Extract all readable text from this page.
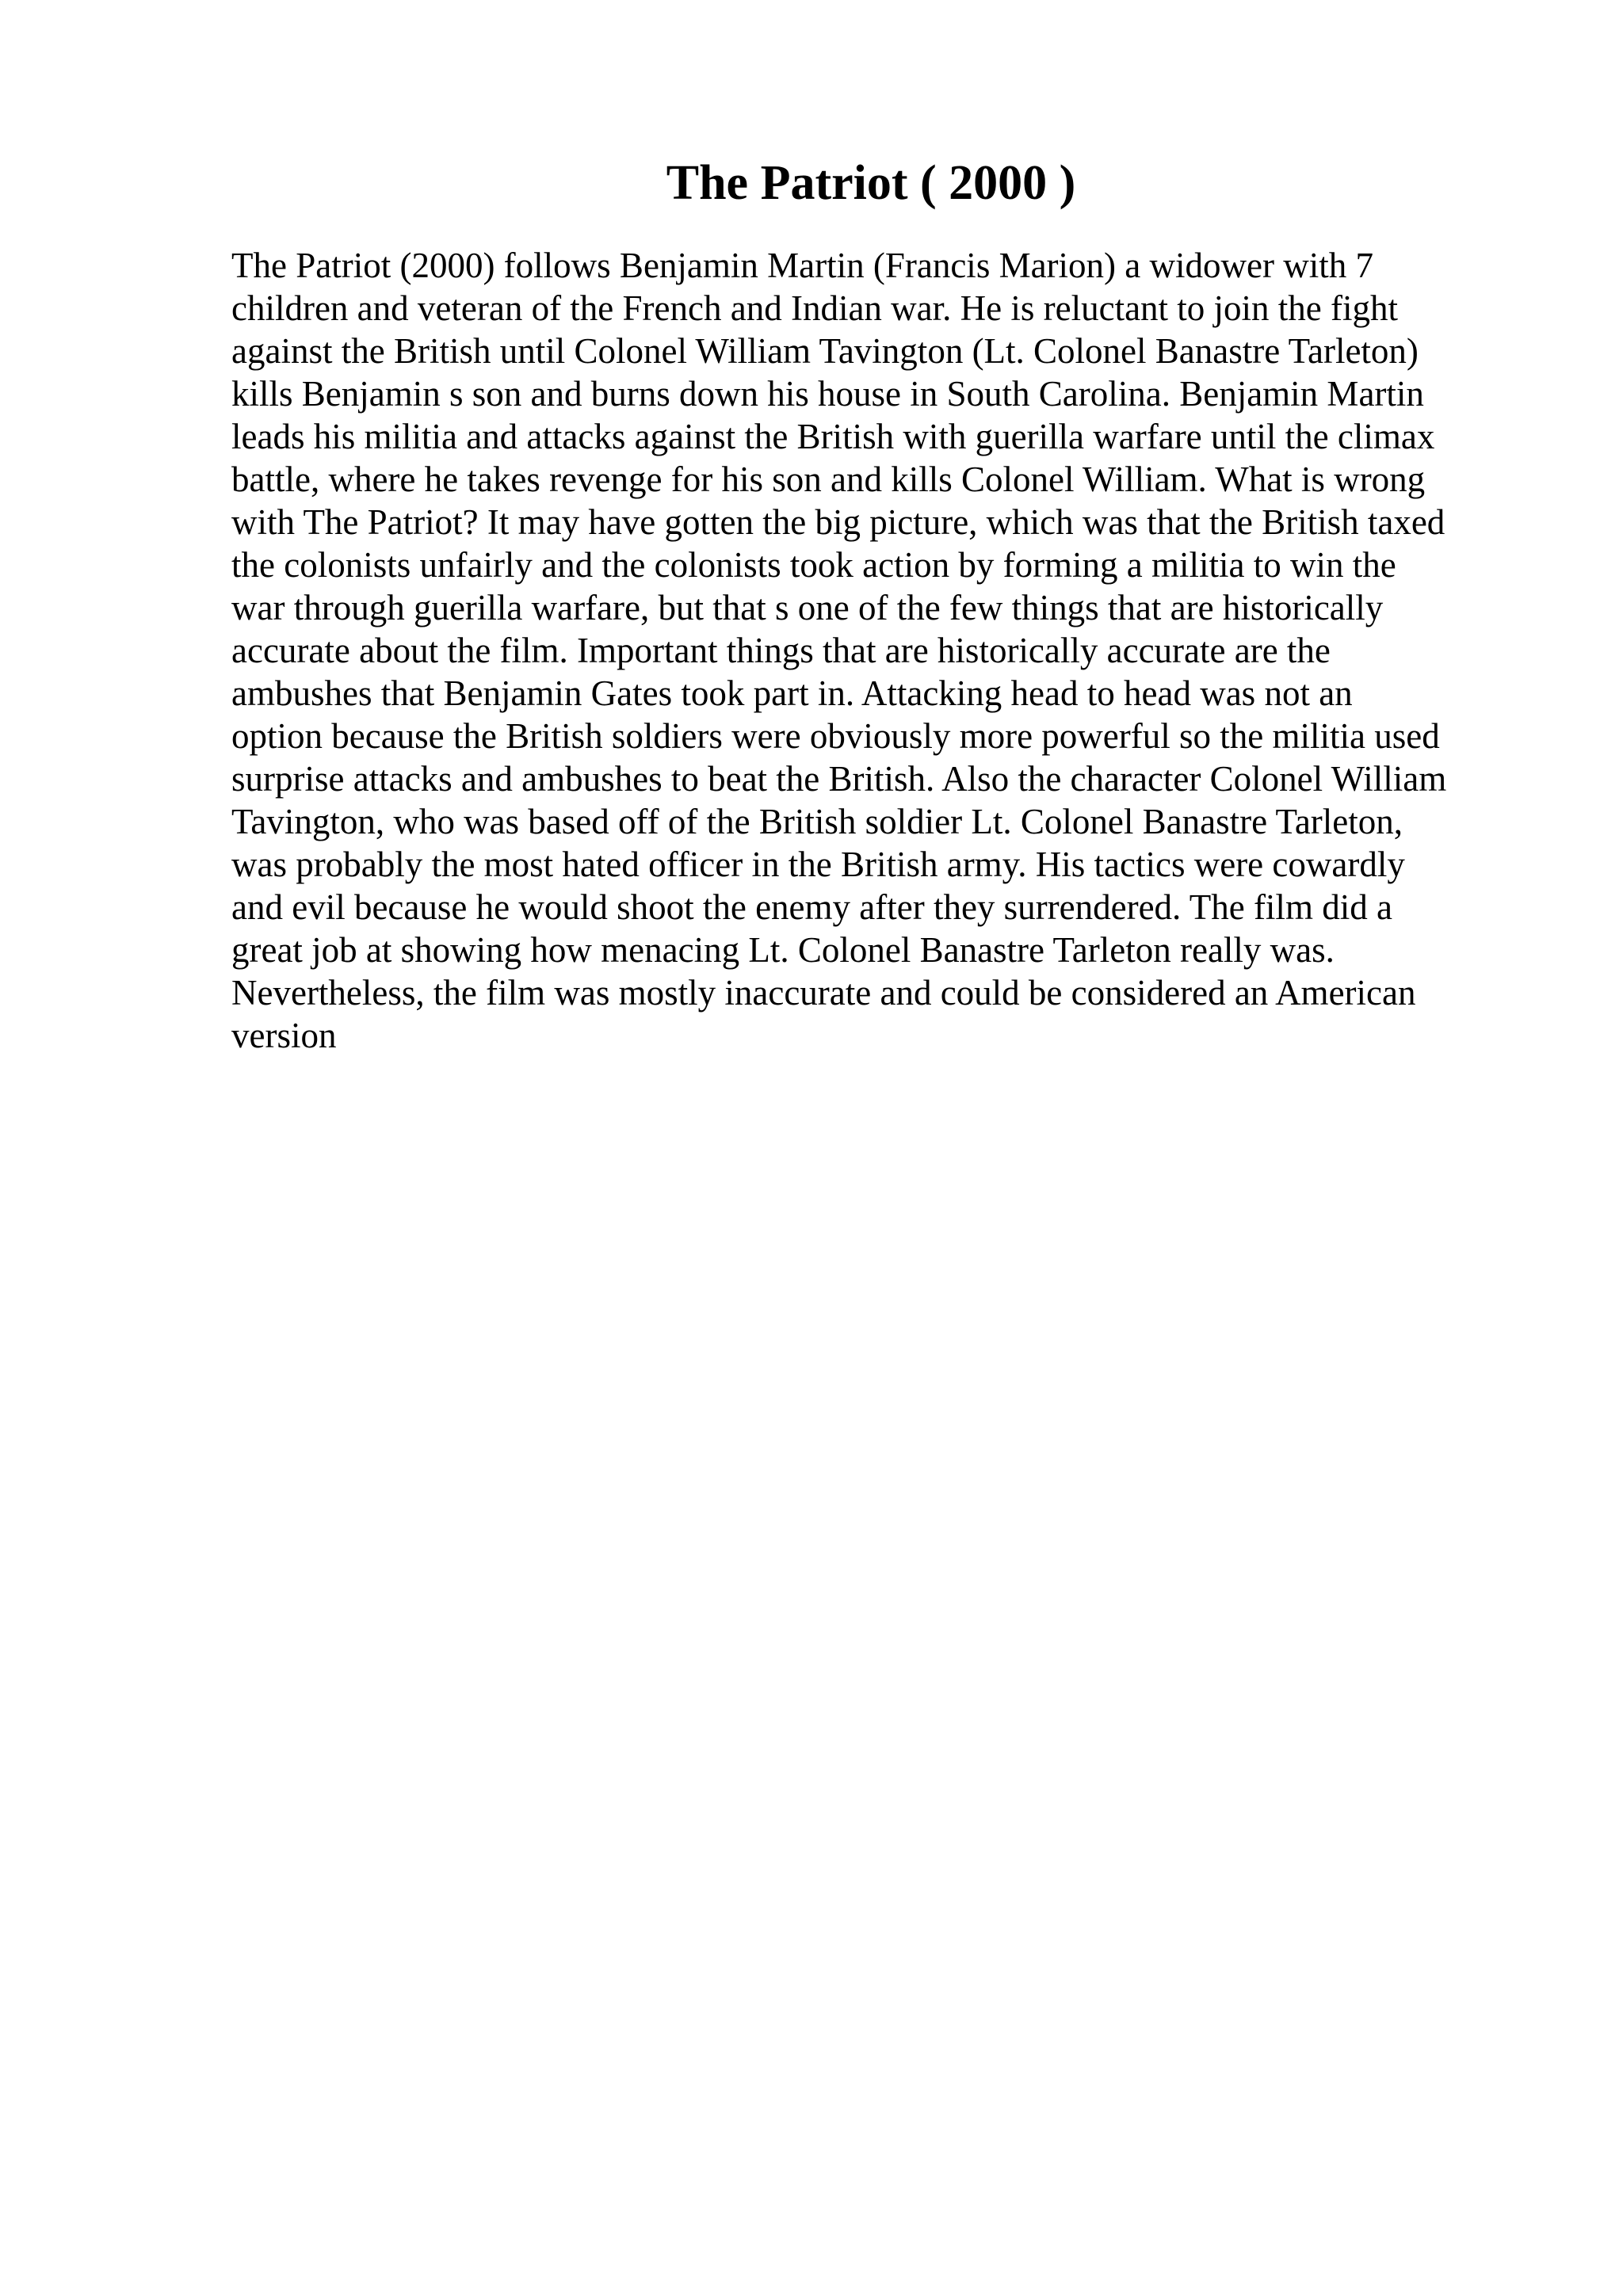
The Patriot ( 2000 )
The Patriot (2000) follows Benjamin Martin (Francis Marion) a widower with 7
children and veteran of the French and Indian war. He is reluctant to join the fight
against the British until Colonel William Tavington (Lt. Colonel Banastre Tarleton)
kills Benjamin s son and burns down his house in South Carolina. Benjamin Martin
leads his militia and attacks against the British with guerilla warfare until the climax
battle, where he takes revenge for his son and kills Colonel William. What is wrong
with The Patriot? It may have gotten the big picture, which was that the British taxed
the colonists unfairly and the colonists took action by forming a militia to win the
war through guerilla warfare, but that s one of the few things that are historically
accurate about the film. Important things that are historically accurate are the
ambushes that Benjamin Gates took part in. Attacking head to head was not an
option because the British soldiers were obviously more powerful so the militia used
surprise attacks and ambushes to beat the British. Also the character Colonel William
Tavington, who was based off of the British soldier Lt. Colonel Banastre Tarleton,
was probably the most hated officer in the British army. His tactics were cowardly
and evil because he would shoot the enemy after they surrendered. The film did a
great job at showing how menacing Lt. Colonel Banastre Tarleton really was.
Nevertheless, the film was mostly inaccurate and could be considered an American
version
